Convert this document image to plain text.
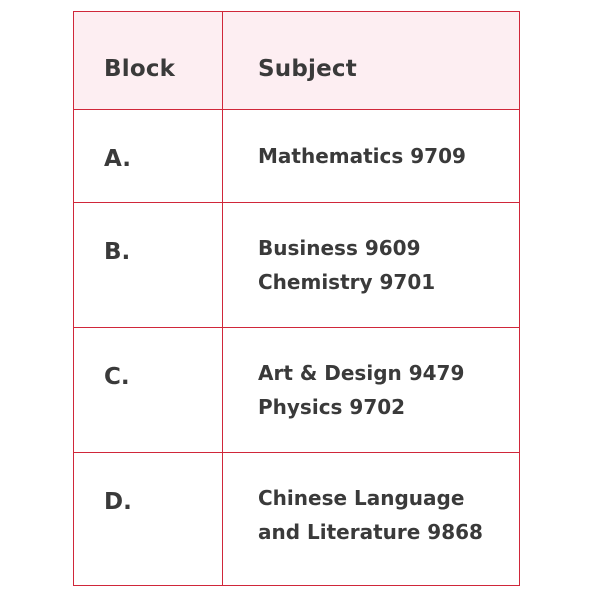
Block	Subject
A.	Mathematics 9709
B.	Business 9609
Chemistry 9701
C.	Art & Design 9479
Physics 9702
D.	Chinese Language
and Literature 9868
